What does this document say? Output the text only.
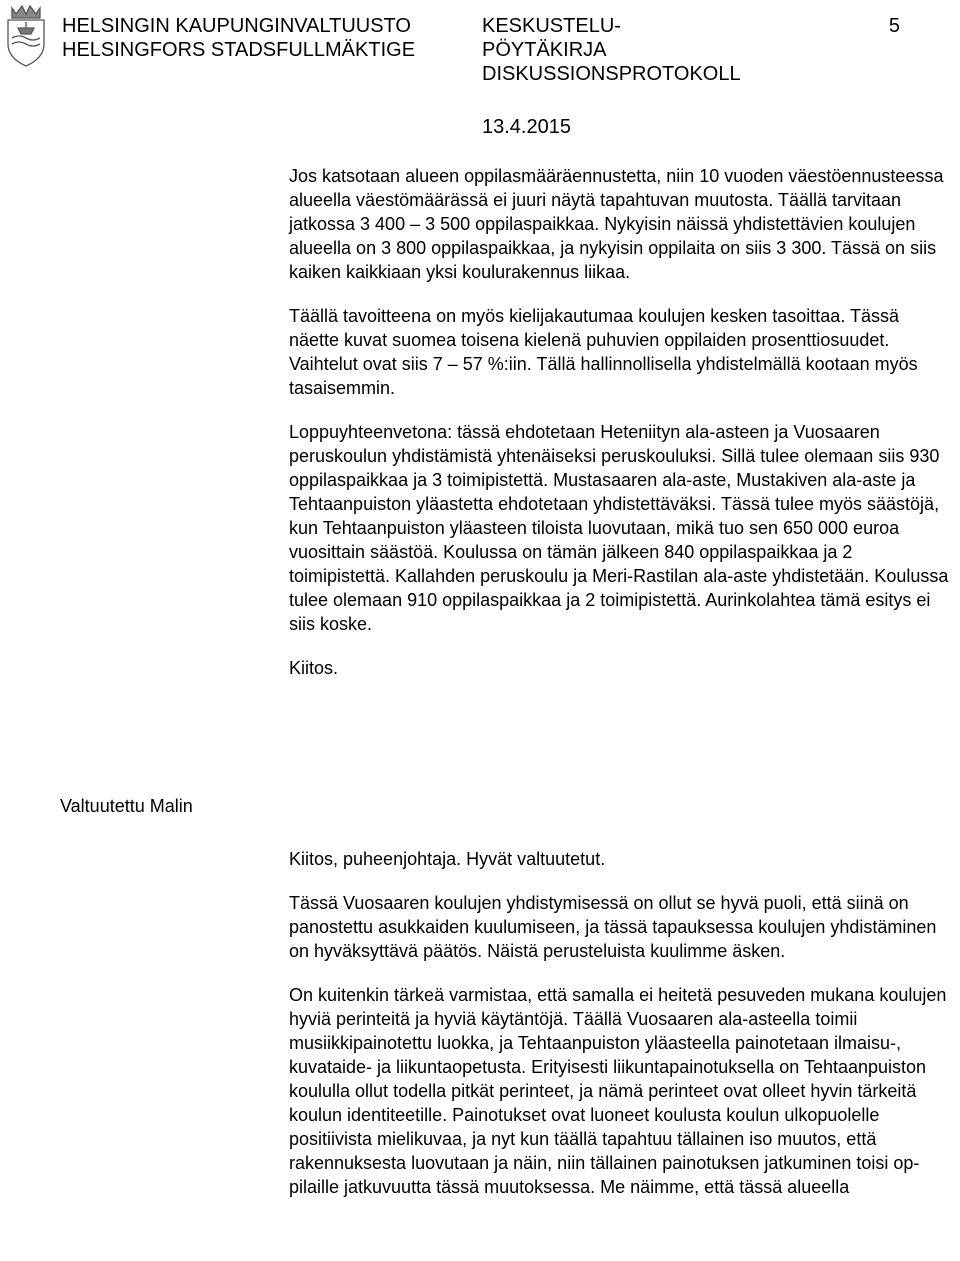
HELSINGIN KAUPUNGINVALTUUSTO
HELSINGFORS STADSFULLMÄKTIGE
KESKUSTELU-
PÖYTÄKIRJA
DISKUSSIONSPROTOKOLL
5
13.4.2015

Jos katsotaan alueen oppilasmääräennustetta, niin 10 vuoden väestöennusteessa alueella väestömäärässä ei juuri näytä tapahtuvan muutosta. Täällä tarvitaan jatkossa 3 400 – 3 500 oppilaspaikkaa. Nykyisin näissä yhdistettävien koulujen alueella on 3 800 oppilaspaikkaa, ja nykyisin oppilaita on siis 3 300. Tässä on siis kaiken kaikkiaan yksi koulurakennus liikaa.

Täällä tavoitteena on myös kielijakautumaa koulujen kesken tasoittaa. Tässä näette kuvat suomea toisena kielenä puhuvien oppilaiden prosenttiosuudet. Vaihtelut ovat siis 7 – 57 %:iin. Tällä hallinnollisella yhdistelmällä kootaan myös tasaisemmin.

Loppuyhteenvetona: tässä ehdotetaan Heteniityn ala-asteen ja Vuosaaren peruskoulun yhdistämistä yhtenäiseksi peruskouluksi. Sillä tulee olemaan siis 930 oppilaspaikkaa ja 3 toimipistettä. Mustasaaren ala-aste, Mustakiven ala-aste ja Tehtaanpuiston yläastetta ehdotetaan yhdistettäväksi. Tässä tulee myös säästöjä, kun Tehtaanpuiston yläasteen tiloista luovutaan, mikä tuo sen 650 000 euroa vuosittain säästöä. Koulussa on tämän jälkeen 840 oppilaspaikkaa ja 2 toimipistettä. Kallahden peruskoulu ja Meri-Rastilan ala-aste yhdistetään. Koulussa tulee olemaan 910 oppilaspaikkaa ja 2 toimipistettä. Aurinkolahtea tämä esitys ei siis koske.

Kiitos.

Valtuutettu Malin

Kiitos, puheenjohtaja. Hyvät valtuutetut.

Tässä Vuosaaren koulujen yhdistymisessä on ollut se hyvä puoli, että siinä on panostettu asukkaiden kuulumiseen, ja tässä tapauksessa koulujen yhdistäminen on hyväksyttävä päätös. Näistä perusteluista kuulimme äsken.

On kuitenkin tärkeä varmistaa, että samalla ei heitetä pesuveden mukana koulujen hyviä perinteitä ja hyviä käytäntöjä. Täällä Vuosaaren ala-asteella toimii musiikkipainotettu luokka, ja Tehtaanpuiston yläasteella painotetaan ilmaisu-, kuvataide- ja liikuntaopetusta. Erityisesti liikuntapainotuksella on Tehtaanpuiston koululla ollut todella pitkät perinteet, ja nämä perinteet ovat olleet hyvin tärkeitä koulun identiteetille. Painotukset ovat luoneet koulusta koulun ulkopuolelle positiivista mielikuvaa, ja nyt kun täällä tapahtuu tällainen iso muutos, että rakennuksesta luovutaan ja näin, niin tällainen painotuksen jatkuminen toisi oppilaille jatkuvuutta tässä muutoksessa. Me näimme, että tässä alueella
